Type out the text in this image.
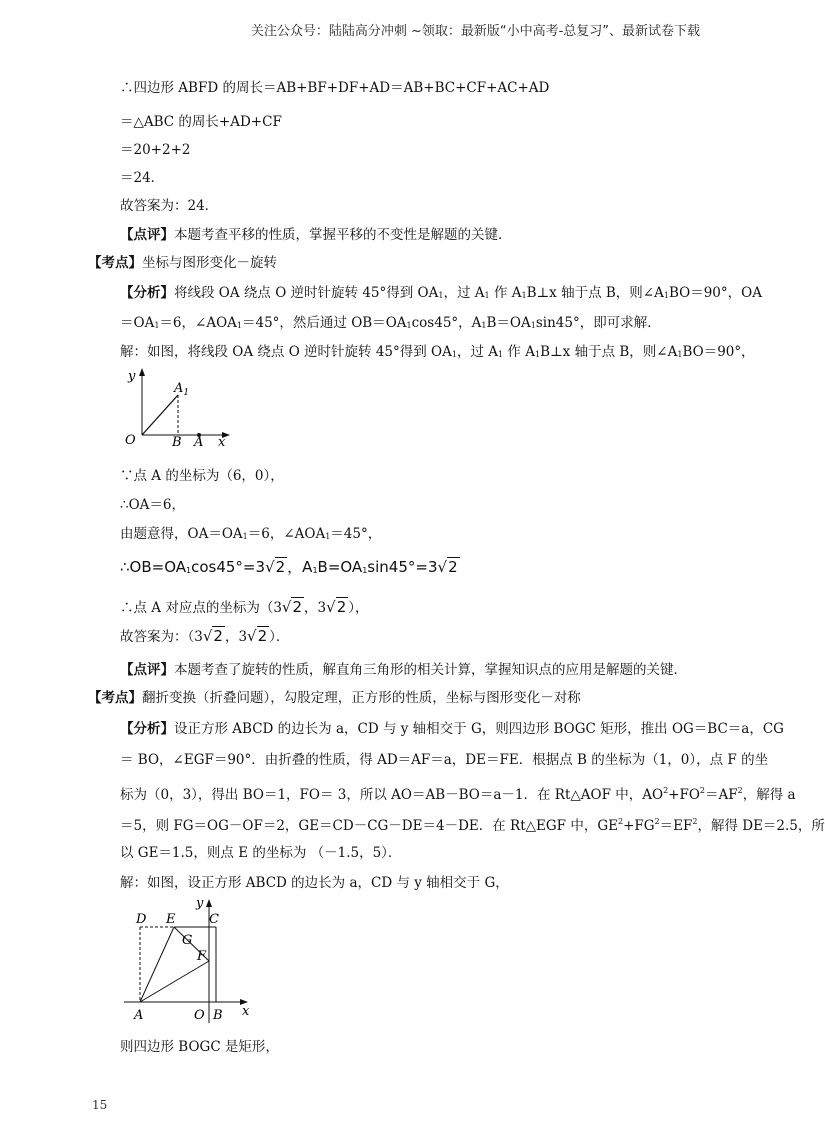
关注公众号：陆陆高分冲刺 ~领取：最新版“小中高考-总复习”、最新试卷下载
∴四边形 ABFD 的周长＝AB+BF+DF+AD＝AB+BC+CF+AC+AD
＝△ABC 的周长+AD+CF
＝20+2+2
＝24．
故答案为：24．
【点评】本题考查平移的性质，掌握平移的不变性是解题的关键．
【考点】坐标与图形变化－旋转
【分析】将线段 OA 绕点 O 逆时针旋转 45°得到 $OA_1$，过 $A_1$ 作 $A_1B\perp x$ 轴于点 B，则$\angle A_1BO=90^\circ$，OA
$=OA_1=6$，$\angle AOA_1=45^\circ$，然后通过 $OB=OA_1\cos 45^\circ$，$A_1B=OA_1\sin 45^\circ$，即可求解．
解：如图，将线段 OA 绕点 O 逆时针旋转 45°得到 $OA_1$，过 $A_1$ 作 $A_1B\perp x$ 轴于点 B，则$\angle A_1BO=90^\circ$，
y
$A_1$
O	B A x
∵点 A 的坐标为（6，0），
∴OA＝6，
由题意得，$OA=OA_1=6$，$\angle AOA_1=45^\circ$，
$\therefore OB=OA_1\cos 45^\circ=3√2$ ，$A_1B=OA_1\sin 45^\circ=3√2$
∴点 A 对应点的坐标为（3√2 ，3√2 ），
故答案为：（3√2 ，3√2 ）．
【点评】本题考查了旋转的性质，解直角三角形的相关计算，掌握知识点的应用是解题的关键．
【考点】翻折变换（折叠问题），勾股定理，正方形的性质，坐标与图形变化－对称
【分析】设正方形 ABCD 的边长为 a，CD 与 y 轴相交于 G，则四边形 BOGC 矩形，推出 OG＝BC＝a，CG
＝ BO，∠EGF＝90°．由折叠的性质，得 AD＝AF＝a，DE＝FE．根据点 B 的坐标为（1，0），点 F 的坐
标为（0，3），得出 BO＝1，FO＝ 3，所以 AO＝AB－BO＝a－1．在 Rt△AOF 中，$AO^2+FO^2=AF^2$，解得 a
＝5，则 FG＝OG－OF＝2，GE＝CD－CG－DE＝4－DE．在 Rt△EGF 中，$GE^2+FG^2=EF^2$，解得 DE＝2.5，所
以 GE＝1.5，则点 E 的坐标为 （－1.5，5）．
解：如图，设正方形 ABCD 的边长为 a，CD 与 y 轴相交于 G，
D E	C
y
G
F
A	O B x
则四边形 BOGC 是矩形，
15
